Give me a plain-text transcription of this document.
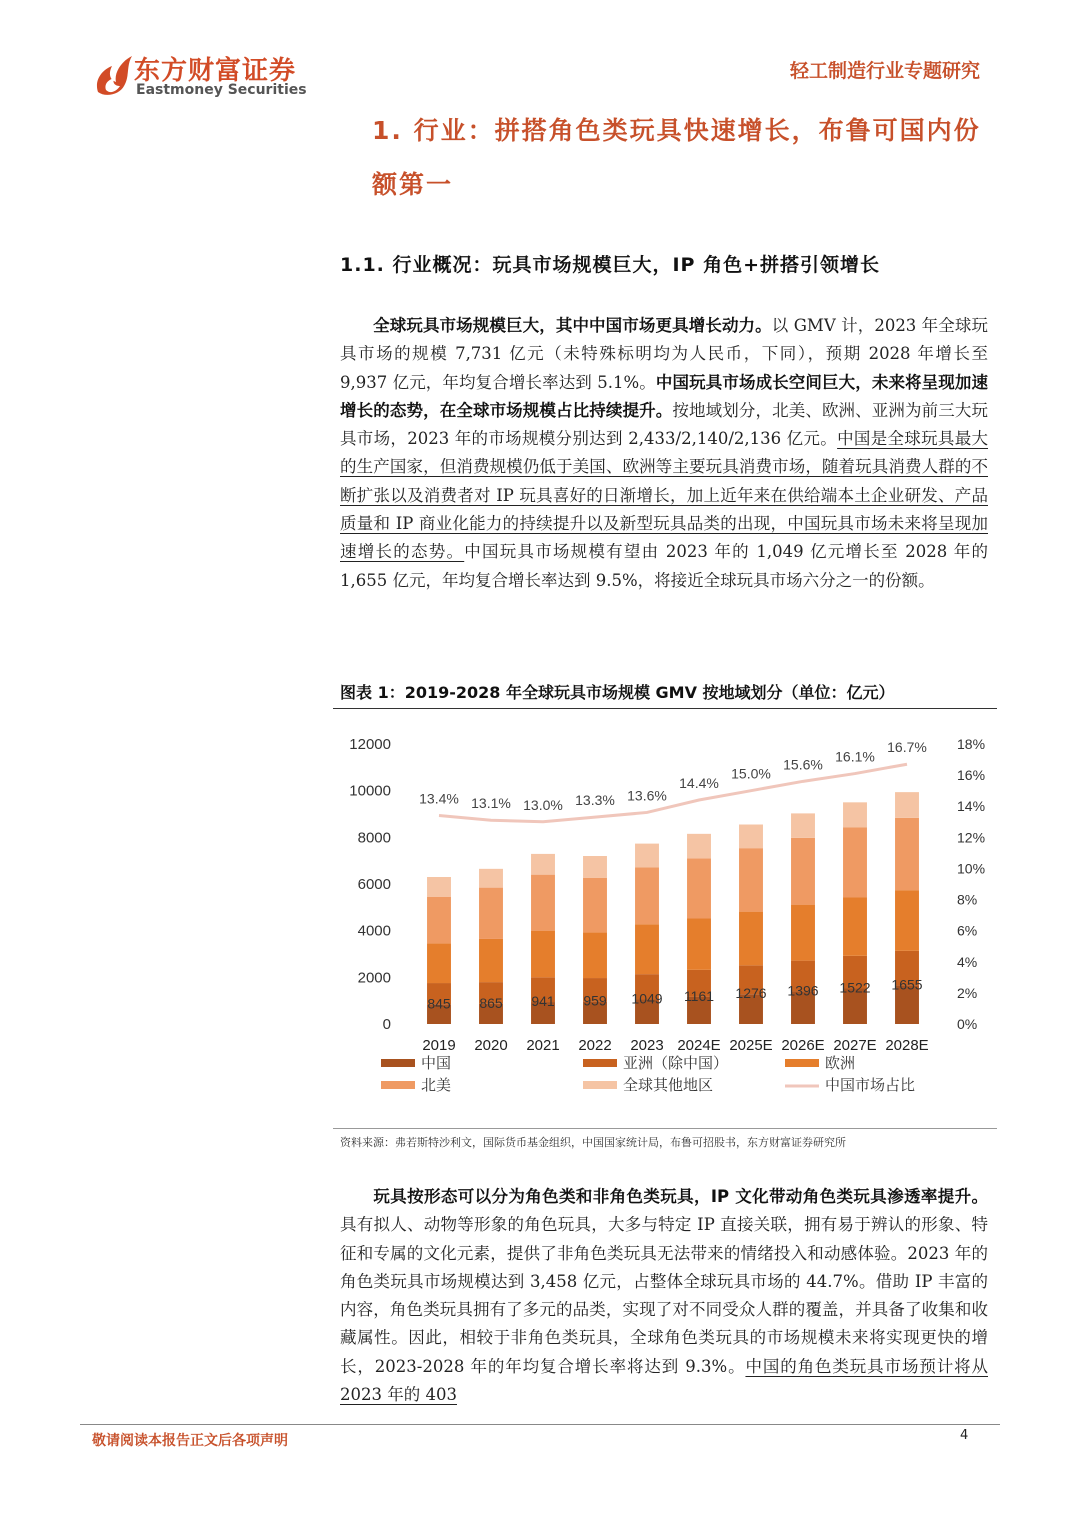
东方财富证券
Eastmoney Securities
轻工制造行业专题研究
1. 行业：拼搭角色类玩具快速增长，布鲁可国内份额第一
1.1. 行业概况：玩具市场规模巨大，IP 角色+拼搭引领增长
全球玩具市场规模巨大，其中中国市场更具增长动力。以 GMV 计，2023 年全球玩具市场的规模 7,731 亿元（未特殊标明均为人民币，下同），预期 2028 年增长至 9,937 亿元，年均复合增长率达到 5.1%。中国玩具市场成长空间巨大，未来将呈现加速增长的态势，在全球市场规模占比持续提升。按地域划分，北美、欧洲、亚洲为前三大玩具市场，2023 年的市场规模分别达到 2,433/2,140/2,136 亿元。中国是全球玩具最大的生产国家，但消费规模仍低于美国、欧洲等主要玩具消费市场，随着玩具消费人群的不断扩张以及消费者对 IP 玩具喜好的日渐增长，加上近年来在供给端本土企业研发、产品质量和 IP 商业化能力的持续提升以及新型玩具品类的出现，中国玩具市场未来将呈现加速增长的态势。中国玩具市场规模有望由 2023 年的 1,049 亿元增长至 2028 年的 1,655 亿元，年均复合增长率达到 9.5%，将接近全球玩具市场六分之一的份额。
图表 1：2019-2028 年全球玩具市场规模 GMV 按地域划分（单位：亿元）
845 865 941 959 1049 1161 1276 1396 1522 1655
13.4% 13.1% 13.0% 13.3% 13.6%
14.4%
15.0%
15.6% 16.1%
16.7%
0
2000
4000
6000
8000
10000
12000
0%
2%
4%
6%
8%
10%
12%
14%
16%
18%
2019 2020 2021 2022 2023 2024E 2025E 2026E 2027E 2028E
中国	亚洲（除中国）	欧洲
北美	全球其他地区	中国市场占比
资料来源：弗若斯特沙利文，国际货币基金组织，中国国家统计局，布鲁可招股书，东方财富证券研究所
玩具按形态可以分为角色类和非角色类玩具，IP 文化带动角色类玩具渗透率提升。具有拟人、动物等形象的角色玩具，大多与特定 IP 直接关联，拥有易于辨认的形象、特征和专属的文化元素，提供了非角色类玩具无法带来的情绪投入和动感体验。2023 年的角色类玩具市场规模达到 3,458 亿元，占整体全球玩具市场的 44.7%。借助 IP 丰富的内容，角色类玩具拥有了多元的品类，实现了对不同受众人群的覆盖，并具备了收集和收藏属性。因此，相较于非角色类玩具，全球角色类玩具的市场规模未来将实现更快的增长，2023-2028 年的年均复合增长率将达到 9.3%。中国的角色类玩具市场预计将从 2023 年的 403
敬请阅读本报告正文后各项声明	4
